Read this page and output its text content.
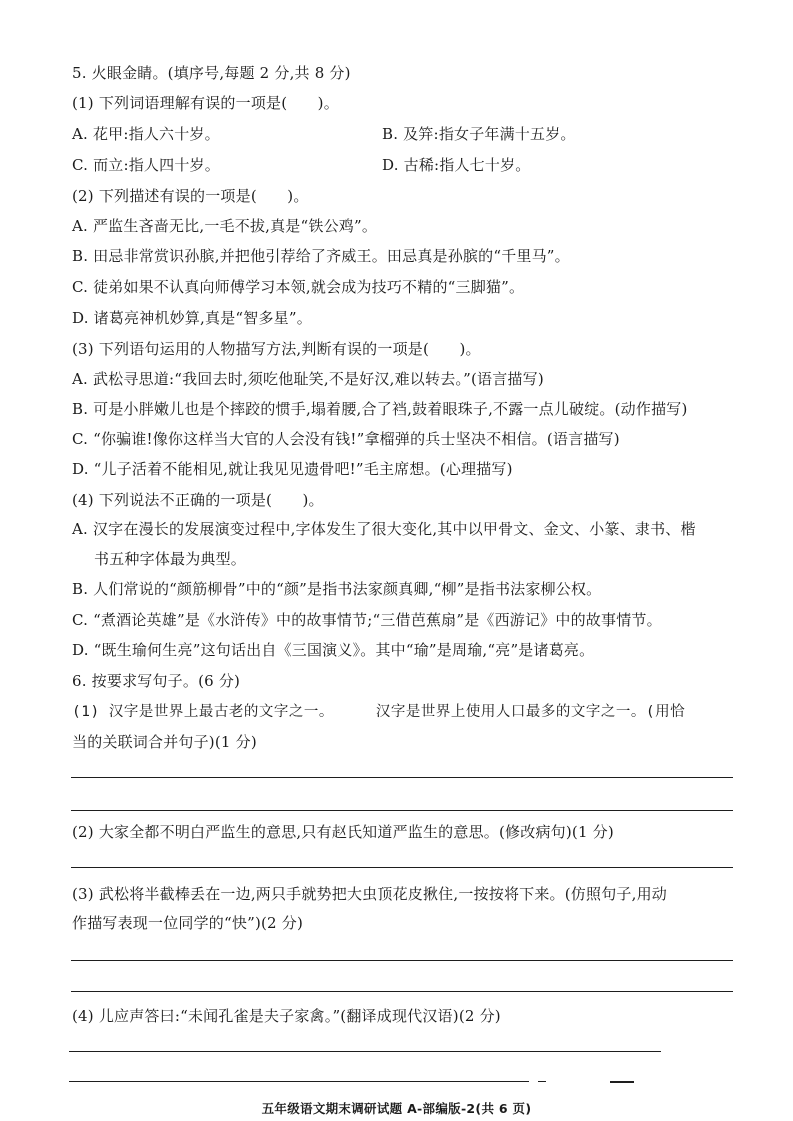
5. 火眼金睛。(填序号,每题 2 分,共 8 分)
(1) 下列词语理解有误的一项是(　　)。
A. 花甲:指人六十岁。	B. 及笄:指女子年满十五岁。
C. 而立:指人四十岁。	D. 古稀:指人七十岁。
(2) 下列描述有误的一项是(　　)。
A. 严监生吝啬无比,一毛不拔,真是“铁公鸡”。
B. 田忌非常赏识孙膑,并把他引荐给了齐威王。田忌真是孙膑的“千里马”。
C. 徒弟如果不认真向师傅学习本领,就会成为技巧不精的“三脚猫”。
D. 诸葛亮神机妙算,真是“智多星”。
(3) 下列语句运用的人物描写方法,判断有误的一项是(　　)。
A. 武松寻思道:“我回去时,须吃他耻笑,不是好汉,难以转去。”(语言描写)
B. 可是小胖嫩儿也是个摔跤的惯手,塌着腰,合了裆,鼓着眼珠子,不露一点儿破绽。(动作描写)
C. “你骗谁!像你这样当大官的人会没有钱!”拿榴弹的兵士坚决不相信。(语言描写)
D. “儿子活着不能相见,就让我见见遗骨吧!”毛主席想。(心理描写)
(4) 下列说法不正确的一项是(　　)。
A. 汉字在漫长的发展演变过程中,字体发生了很大变化,其中以甲骨文、金文、小篆、隶书、楷
书五种字体最为典型。
B. 人们常说的“颜筋柳骨”中的“颜”是指书法家颜真卿,“柳”是指书法家柳公权。
C. “煮酒论英雄”是《水浒传》中的故事情节;“三借芭蕉扇”是《西游记》中的故事情节。
D. “既生瑜何生亮”这句话出自《三国演义》。其中“瑜”是周瑜,“亮”是诸葛亮。
6. 按要求写句子。(6 分)
(1) 汉字是世界上最古老的文字之一。	汉字是世界上使用人口最多的文字之一。(用恰
当的关联词合并句子)(1 分)
(2) 大家全都不明白严监生的意思,只有赵氏知道严监生的意思。(修改病句)(1 分)
(3) 武松将半截棒丢在一边,两只手就势把大虫顶花皮揪住,一按按将下来。(仿照句子,用动
作描写表现一位同学的“快”)(2 分)
(4) 儿应声答曰:“未闻孔雀是夫子家禽。”(翻译成现代汉语)(2 分)
五年级语文期末调研试题 A-部编版-2(共 6 页)
